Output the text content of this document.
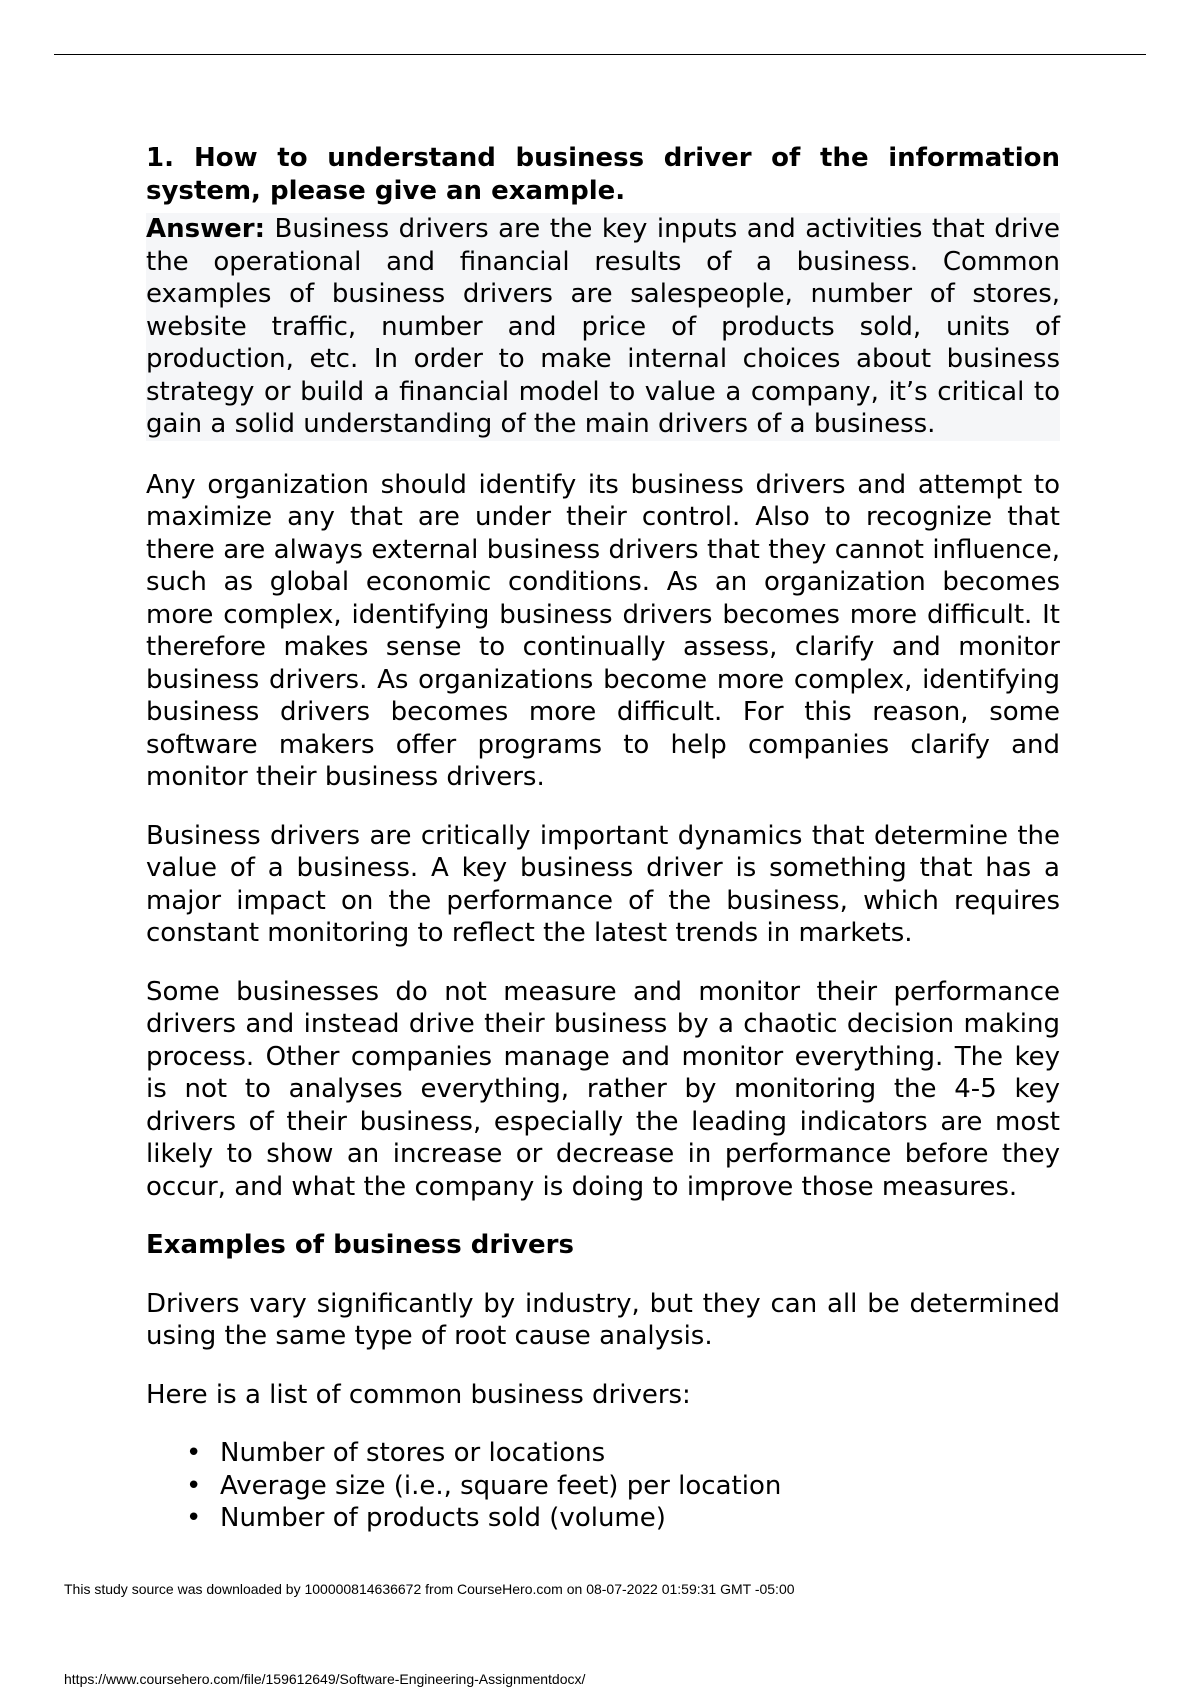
1. How to understand business driver of the information system, please give an example.

Answer: Business drivers are the key inputs and activities that drive the operational and financial results of a business. Common examples of business drivers are salespeople, number of stores, website traffic, number and price of products sold, units of production, etc. In order to make internal choices about business strategy or build a financial model to value a company, it’s critical to gain a solid understanding of the main drivers of a business.

Any organization should identify its business drivers and attempt to maximize any that are under their control. Also to recognize that there are always external business drivers that they cannot influence, such as global economic conditions. As an organization becomes more complex, identifying business drivers becomes more difficult. It therefore makes sense to continually assess, clarify and monitor business drivers. As organizations become more complex, identifying business drivers becomes more difficult. For this reason, some software makers offer programs to help companies clarify and monitor their business drivers.

Business drivers are critically important dynamics that determine the value of a business. A key business driver is something that has a major impact on the performance of the business, which requires constant monitoring to reflect the latest trends in markets.

Some businesses do not measure and monitor their performance drivers and instead drive their business by a chaotic decision making process. Other companies manage and monitor everything. The key is not to analyses everything, rather by monitoring the 4-5 key drivers of their business, especially the leading indicators are most likely to show an increase or decrease in performance before they occur, and what the company is doing to improve those measures.

Examples of business drivers

Drivers vary significantly by industry, but they can all be determined using the same type of root cause analysis.

Here is a list of common business drivers:

• Number of stores or locations
• Average size (i.e., square feet) per location
• Number of products sold (volume)
This study source was downloaded by 100000814636672 from CourseHero.com on 08-07-2022 01:59:31 GMT -05:00
https://www.coursehero.com/file/159612649/Software-Engineering-Assignmentdocx/
